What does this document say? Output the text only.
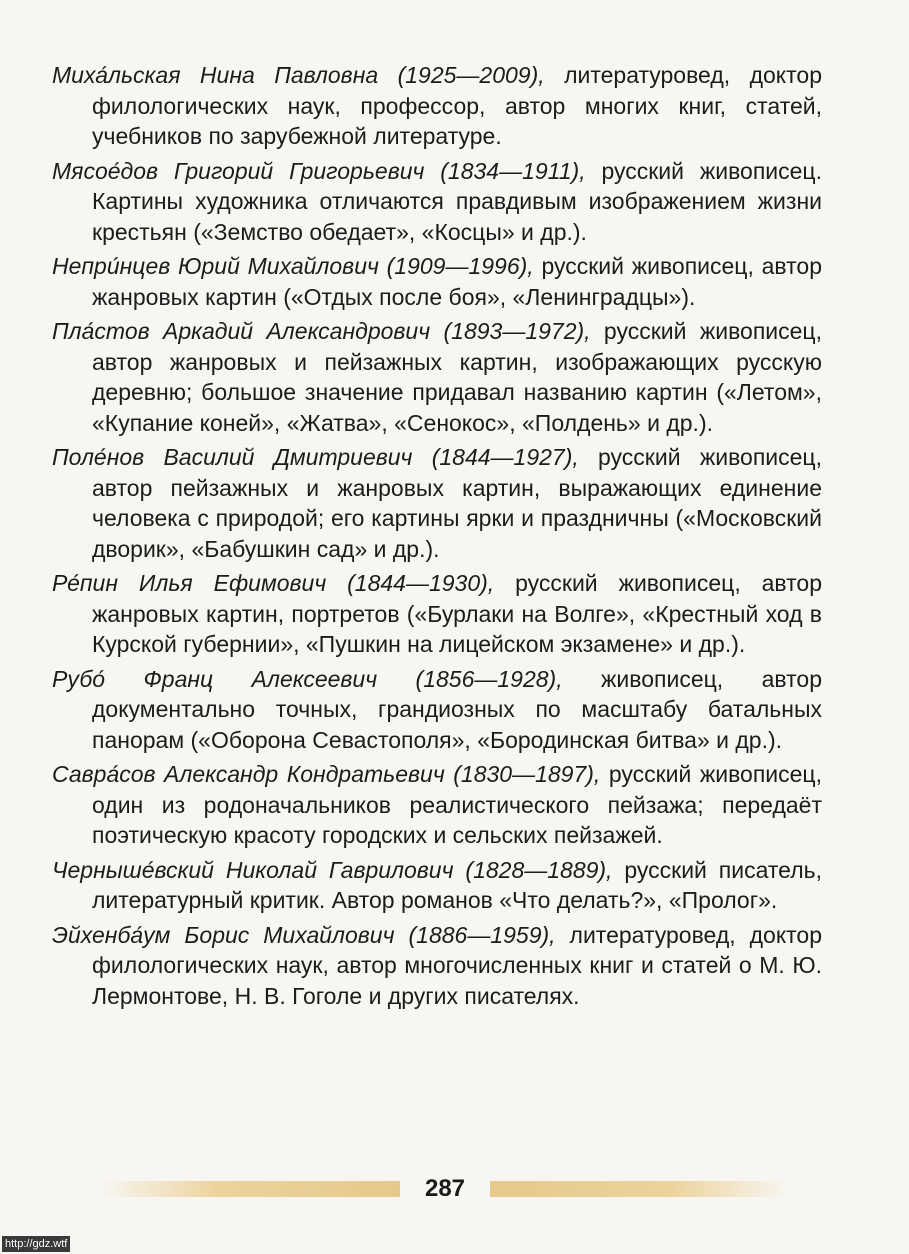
Миха́льская Нина Павловна (1925—2009), литературовед, доктор филологических наук, профессор, автор многих книг, статей, учебников по зарубежной литературе.

Мясое́дов Григорий Григорьевич (1834—1911), русский живописец. Картины художника отличаются правдивым изображением жизни крестьян («Земство обедает», «Косцы» и др.).

Непри́нцев Юрий Михайлович (1909—1996), русский живописец, автор жанровых картин («Отдых после боя», «Ленинградцы»).

Пла́стов Аркадий Александрович (1893—1972), русский живописец, автор жанровых и пейзажных картин, изображающих русскую деревню; большое значение придавал названию картин («Летом», «Купание коней», «Жатва», «Сенокос», «Полдень» и др.).

Поле́нов Василий Дмитриевич (1844—1927), русский живописец, автор пейзажных и жанровых картин, выражающих единение человека с природой; его картины ярки и праздничны («Московский дворик», «Бабушкин сад» и др.).

Ре́пин Илья Ефимович (1844—1930), русский живописец, автор жанровых картин, портретов («Бурлаки на Волге», «Крестный ход в Курской губернии», «Пушкин на лицейском экзамене» и др.).

Рубо́ Франц Алексеевич (1856—1928), живописец, автор документально точных, грандиозных по масштабу батальных панорам («Оборона Севастополя», «Бородинская битва» и др.).

Савра́сов Александр Кондратьевич (1830—1897), русский живописец, один из родоначальников реалистического пейзажа; передаёт поэтическую красоту городских и сельских пейзажей.

Черныше́вский Николай Гаврилович (1828—1889), русский писатель, литературный критик. Автор романов «Что делать?», «Пролог».

Эйхенба́ум Борис Михайлович (1886—1959), литературовед, доктор филологических наук, автор многочисленных книг и статей о М. Ю. Лермонтове, Н. В. Гоголе и других писателях.

287
http://gdz.wtf
